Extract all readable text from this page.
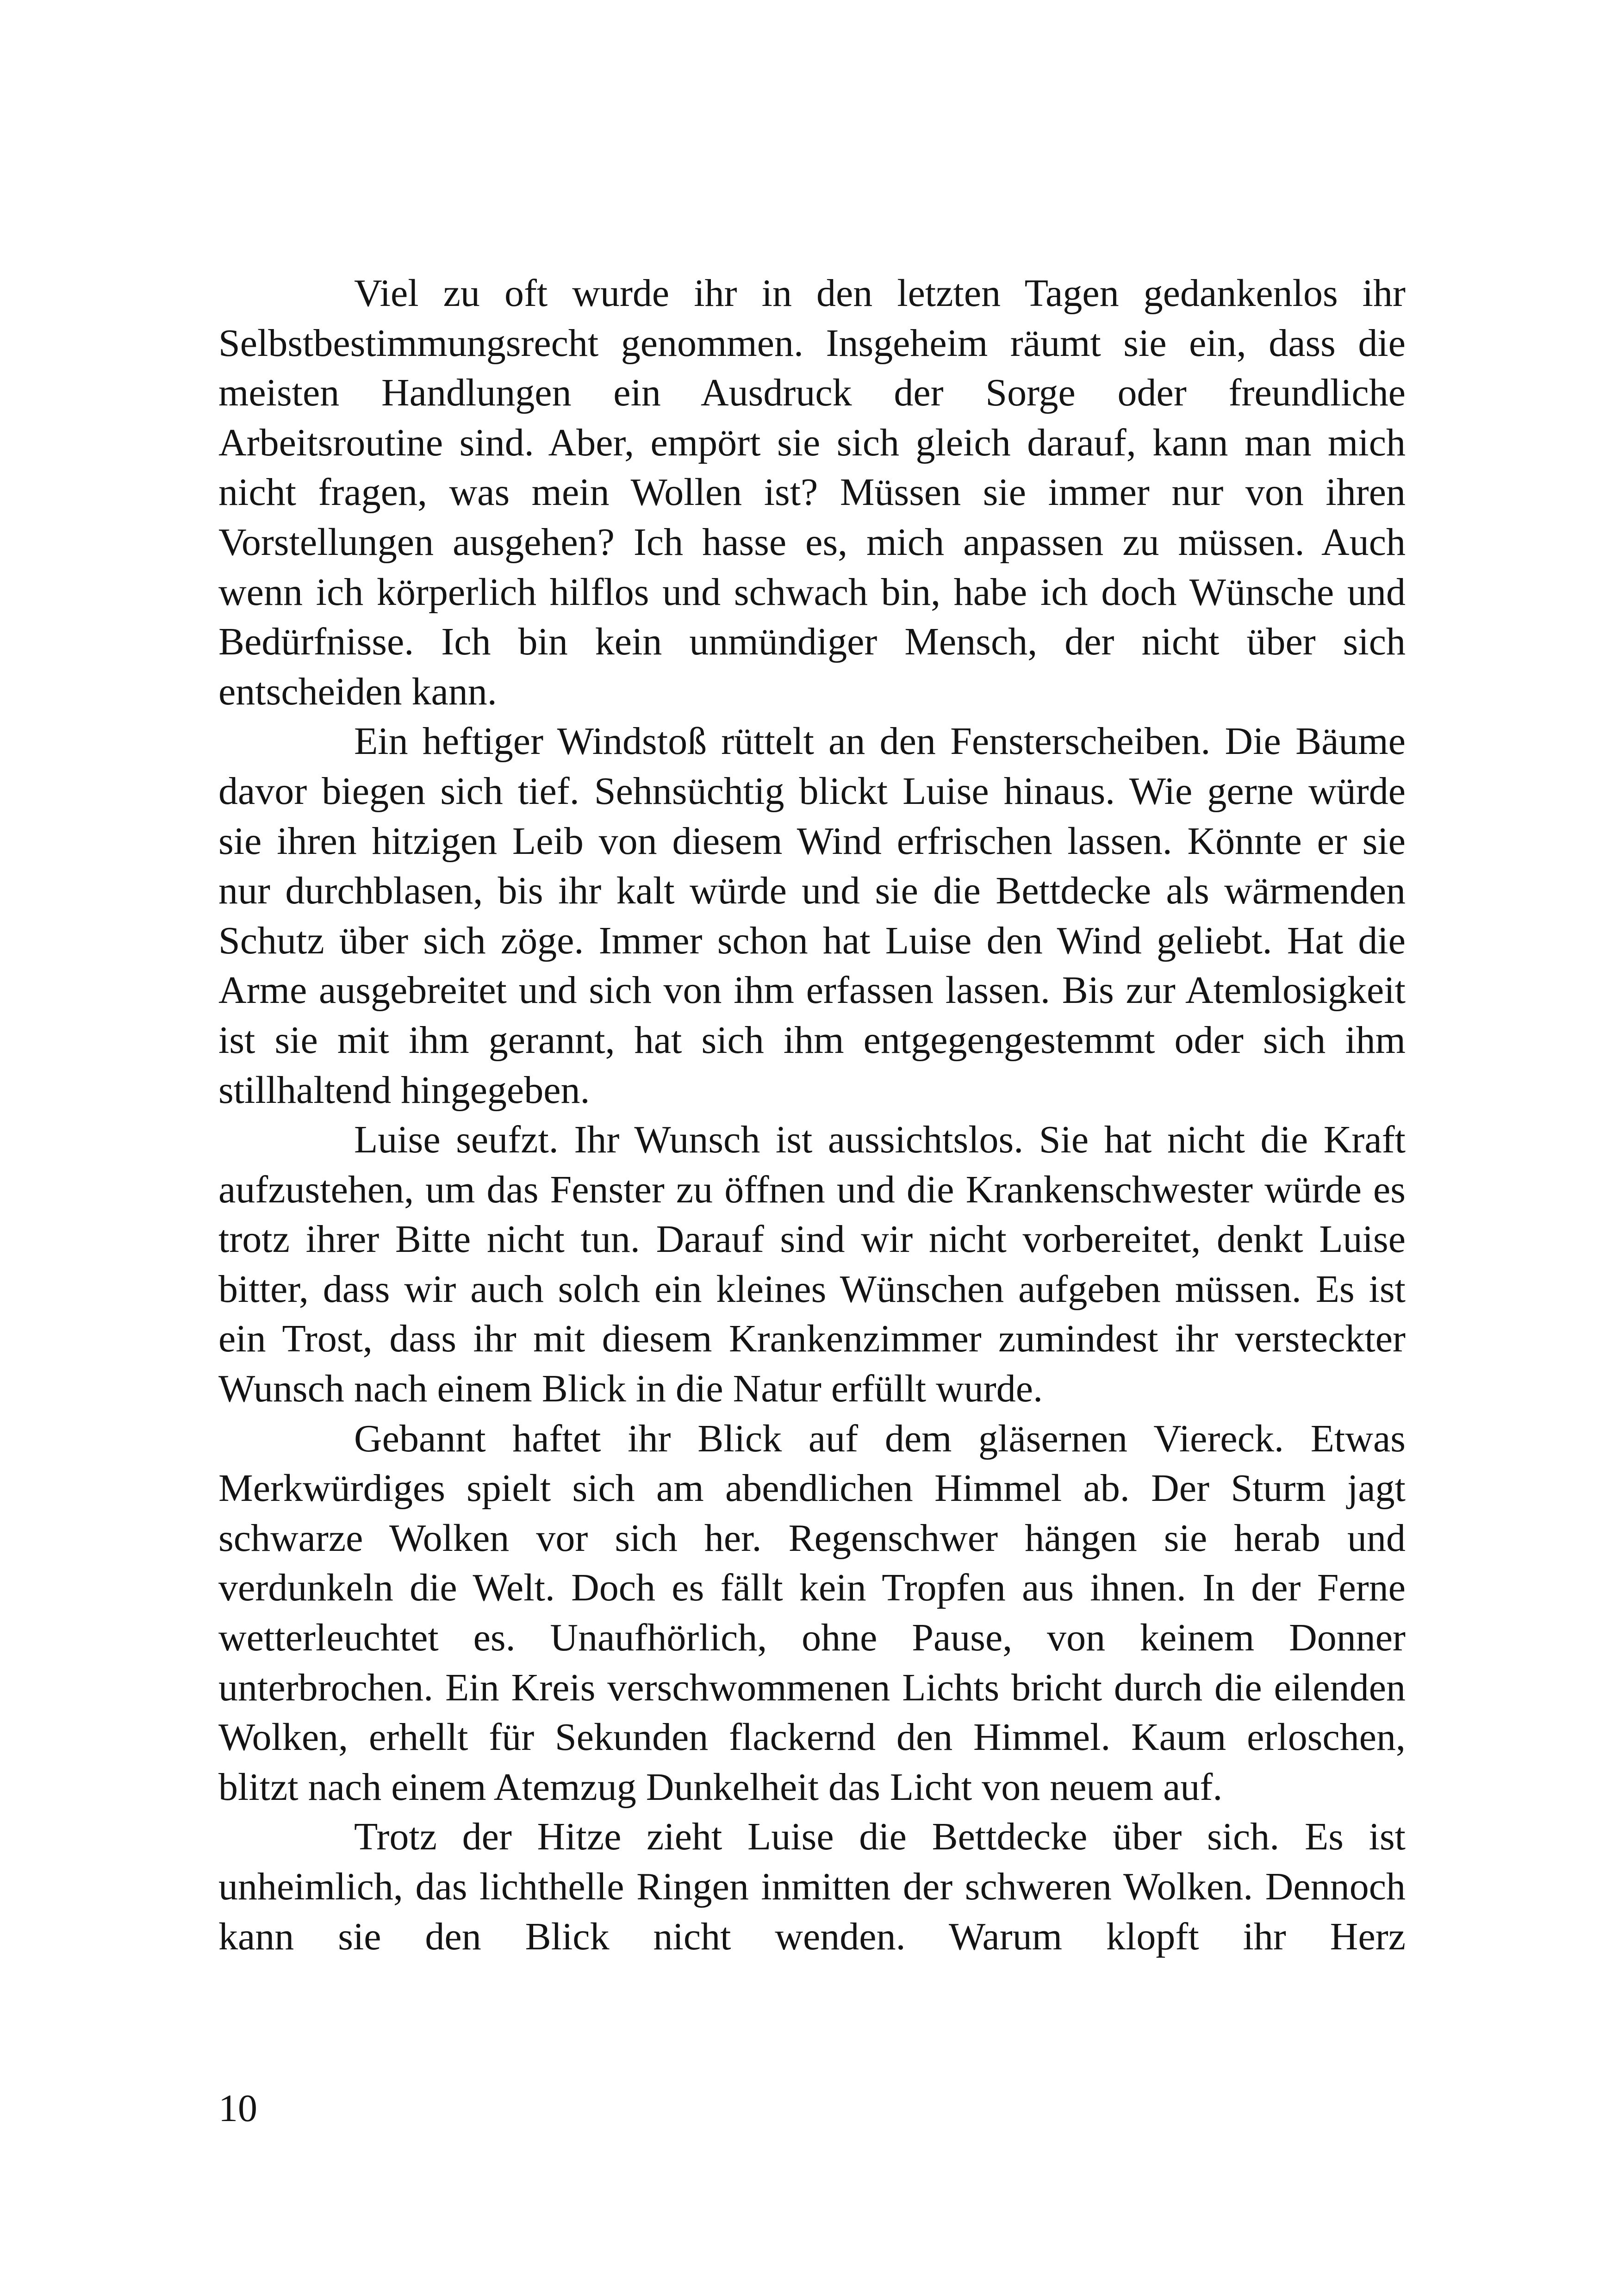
Viel zu oft wurde ihr in den letzten Tagen gedankenlos ihr Selbstbestimmungsrecht genommen. Insgeheim räumt sie ein, dass die meisten Handlungen ein Ausdruck der Sorge oder freundliche Arbeitsroutine sind. Aber, empört sie sich gleich darauf, kann man mich nicht fragen, was mein Wollen ist? Müssen sie immer nur von ihren Vorstellungen ausgehen? Ich hasse es, mich anpassen zu müssen. Auch wenn ich körperlich hilflos und schwach bin, habe ich doch Wünsche und Bedürfnisse. Ich bin kein unmündiger Mensch, der nicht über sich entscheiden kann.

Ein heftiger Windstoß rüttelt an den Fensterscheiben. Die Bäume davor biegen sich tief. Sehnsüchtig blickt Luise hinaus. Wie gerne würde sie ihren hitzigen Leib von diesem Wind erfrischen lassen. Könnte er sie nur durchblasen, bis ihr kalt würde und sie die Bettdecke als wärmenden Schutz über sich zöge. Immer schon hat Luise den Wind geliebt. Hat die Arme ausgebreitet und sich von ihm erfassen lassen. Bis zur Atemlosigkeit ist sie mit ihm gerannt, hat sich ihm entgegengestemmt oder sich ihm stillhaltend hingegeben.

Luise seufzt. Ihr Wunsch ist aussichtslos. Sie hat nicht die Kraft aufzustehen, um das Fenster zu öffnen und die Krankenschwester würde es trotz ihrer Bitte nicht tun. Darauf sind wir nicht vorbereitet, denkt Luise bitter, dass wir auch solch ein kleines Wünschen aufgeben müssen. Es ist ein Trost, dass ihr mit diesem Krankenzimmer zumindest ihr versteckter Wunsch nach einem Blick in die Natur erfüllt wurde.

Gebannt haftet ihr Blick auf dem gläsernen Viereck. Etwas Merkwürdiges spielt sich am abendlichen Himmel ab. Der Sturm jagt schwarze Wolken vor sich her. Regenschwer hängen sie herab und verdunkeln die Welt. Doch es fällt kein Tropfen aus ihnen. In der Ferne wetterleuchtet es. Unaufhörlich, ohne Pause, von keinem Donner unterbrochen. Ein Kreis verschwommenen Lichts bricht durch die eilenden Wolken, erhellt für Sekunden flackernd den Himmel. Kaum erloschen, blitzt nach einem Atemzug Dunkelheit das Licht von neuem auf.

Trotz der Hitze zieht Luise die Bettdecke über sich. Es ist unheimlich, das lichthelle Ringen inmitten der schweren Wolken. Dennoch kann sie den Blick nicht wenden. Warum klopft ihr Herz

10
